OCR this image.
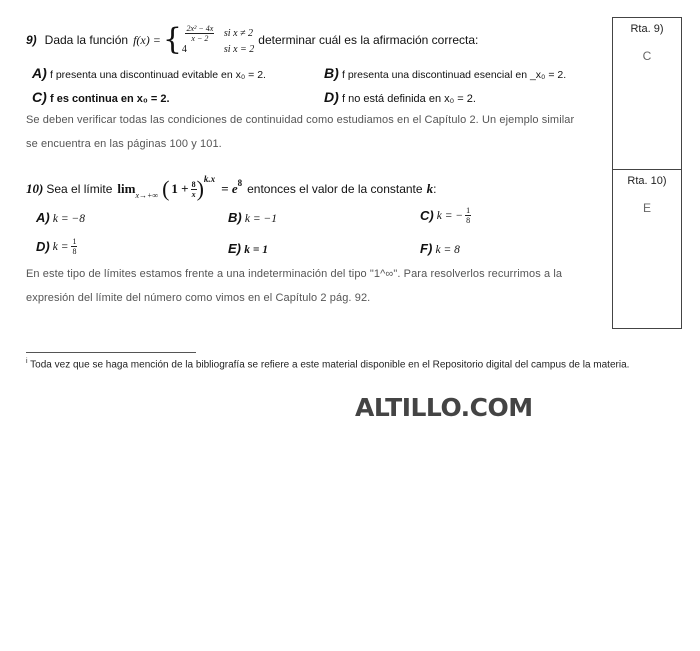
Rta. 9)
C
Rta. 10)
E
9) Dada la función f(x) = { $\frac{\text{2x² − 4x}}{x - 2}$ si x ≠ 2
4	si x = 2
determinar cuál es la afirmación correcta:
A) f presenta una discontinuad evitable en x₀ = 2.	B) f presenta una discontinuad esencial en _x₀ = 2.
C) f es continua en x₀ = 2.	D) f no está definida en x₀ = 2.
Se deben verificar todas las condiciones de continuidad como estudiamos en el Capítulo 2. Un ejemplo similar
se encuentra en las páginas 100 y 101.
10) Sea el límite lim x→+∞ ( $1 + \frac{8}{x}$ ) k.x
= e 8 entonces el valor de la constante k :
A) k = −8	B) k = −1	C) k = − $\frac{1}{8}$
D) $k = \frac{1}{8}$	E) k = 1	F) k = 8
En este tipo de límites estamos frente a una indeterminación del tipo "1^∞". Para resolverlos recurrimos a la
expresión del límite del número como vimos en el Capítulo 2 pág. 92.
$^i$ Toda vez que se haga mención de la bibliografía se refiere a este material disponible en el Repositorio digital del campus de la materia.
ALTILLO.COM
